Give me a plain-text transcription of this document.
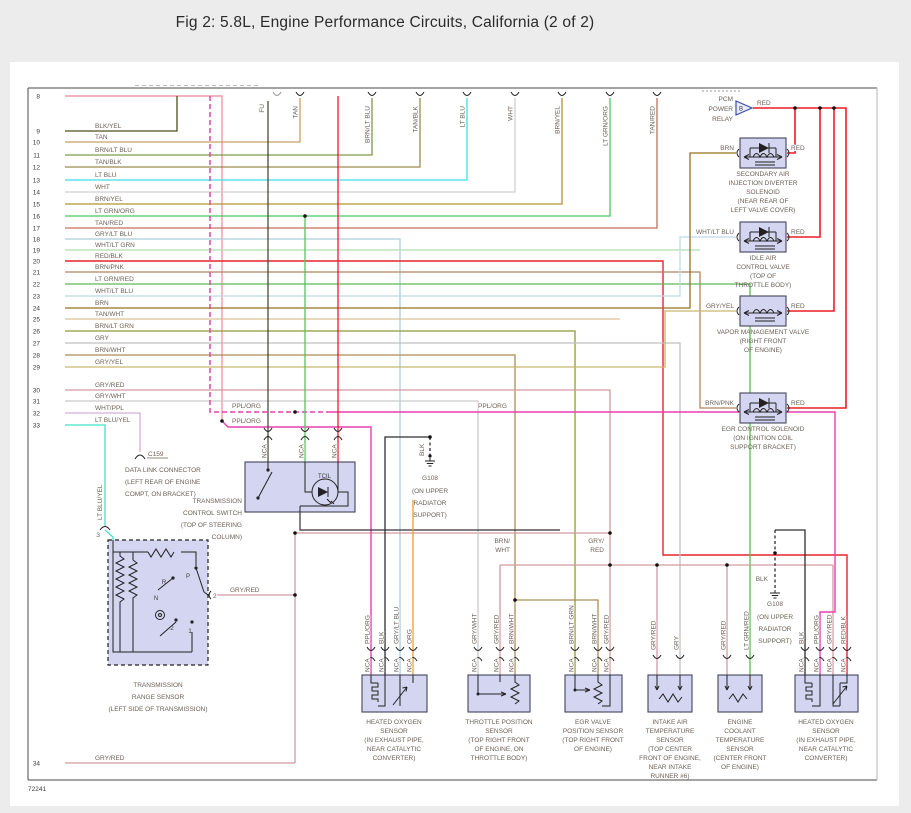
Fig 2: 5.8L, Engine Performance Circuits, California (2 of 2)
B
8
9
BLK/YEL
10
TAN
11
BRN/LT BLU
12
TAN/BLK
13
LT BLU
14
WHT
15
BRN/YEL
16
LT GRN/ORG
17
TAN/RED
18
GRY/LT BLU
19
WHT/LT GRN
20
RED/BLK
21
BRN/PNK
22
LT GRN/RED
23
WHT/LT BLU
24
BRN
25
TAN/WHT
26
BRN/LT GRN
27
GRY
28
BRN/WHT
29
GRY/YEL
30
GRY/RED
31
GRY/WHT
32
WHT/PPL
33
LT BLU/YEL
34
GRY/RED
FU	TAN	BRN/LT BLU	TAN/BLK	LT BLU	WHT	BRN/YEL	LT GRN/ORG	TAN/RED
PCM
POWER
RELAY
RED
BRN	RED
SECONDARY AIR
INJECTION DIVERTER
SOLENOID
(NEAR REAR OF
LEFT VALVE COVER)
WHT/LT BLU	RED
IDLE AIR
CONTROL VALVE
(TOP OF
THROTTLE BODY)
GRY/YEL	RED
VAPOR MANAGEMENT VALVE
(RIGHT FRONT
OF ENGINE)
BRN/PNK	RED
EGR CONTROL SOLENOID
(ON IGNITION COIL
SUPPORT BRACKET)
C159
DATA LINK CONNECTOR
(LEFT REAR OF ENGINE
COMPT, ON BRACKET)
NCA	NCA	NCA
TCIL
TRANSMISSION
CONTROL SWITCH
(TOP OF STEERING
COLUMN)
LT BLU/YEL
3
R
P
N
2 1
2
GRY/RED
TRANSMISSION
RANGE SENSOR
(LEFT SIDE OF TRANSMISSION)
BLK
G108
(ON UPPER
RADIATOR
SUPPORT)
BLK
G108
(ON UPPER
RADIATOR
SUPPORT)
PPL/ORG
PPL/ORG
PPL/ORG
BRN/
WHT
GRY/
RED
PPL/ORG BLK GRY/LT BLU ORG
NCA NCA NCA NCA
HEATED OXYGEN
SENSOR
(IN EXHAUST PIPE,
NEAR CATALYTIC
CONVERTER)
GRY/WHT GRY/RED BRN/WHT
NCA NCA NCA
THROTTLE POSITION
SENSOR
(TOP RIGHT FRONT
OF ENGINE, ON
THROTTLE BODY)
BRN/LT GRN BRN/WHT GRY/RED
NCA NCA NCA
EGR VALVE
POSITION SENSOR
(TOP RIGHT FRONT
OF ENGINE)
GRY/RED GRY
INTAKE AIR
TEMPERATURE
SENSOR
(TOP CENTER
FRONT OF ENGINE,
NEAR INTAKE
RUNNER #6)
GRY/RED LT GRN/RED
ENGINE
COOLANT
TEMPERATURE
SENSOR
(CENTER FRONT
OF ENGINE)
BLK PPL/ORG GRY/RED RED/BLK
NCA NCA NCA NCA
HEATED OXYGEN
SENSOR
(IN EXHAUST PIPE,
NEAR CATALYTIC
CONVERTER)
72241
